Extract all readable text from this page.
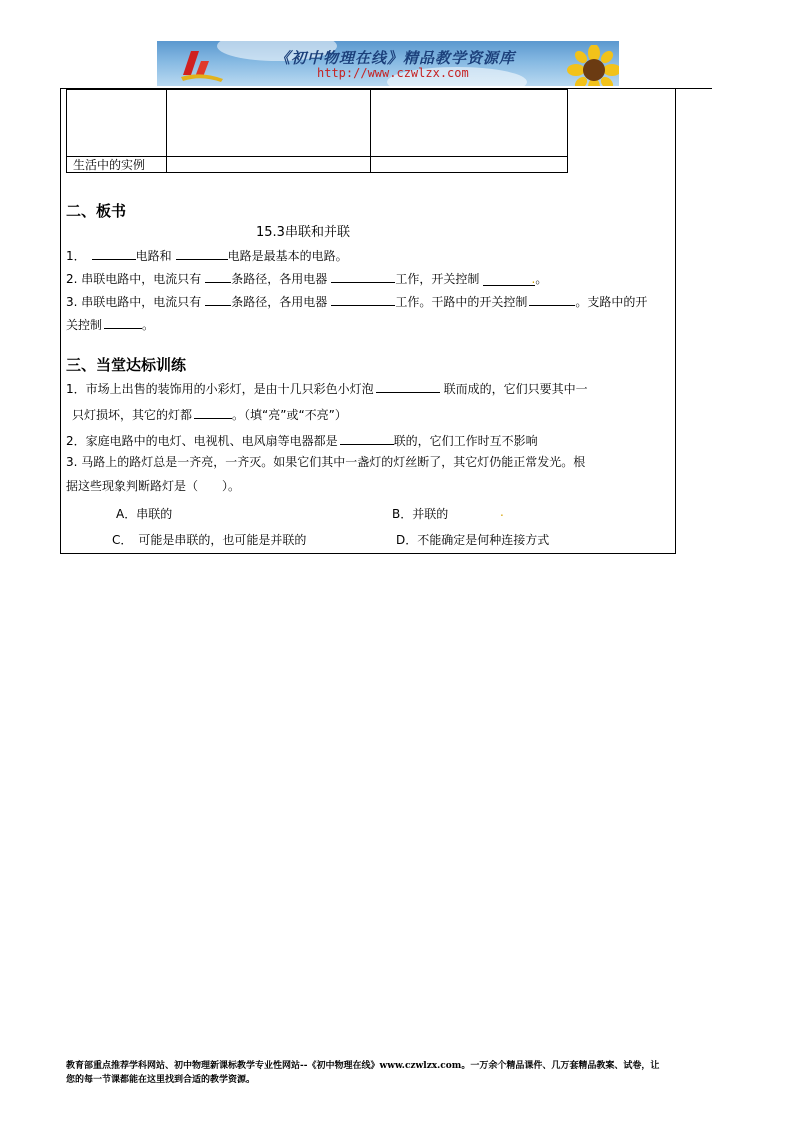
《初中物理在线》精品教学资源库
http://www.czwlzx.com
生活中的实例
二、板书
15.3串联和并联
1．	电路和	电路是最基本的电路。
2. 串联电路中，电流只有	条路径，各用电器	工作，开关控制	.。
3. 串联电路中，电流只有	条路径，各用电器	工作。干路中的开关控制	。支路中的开
关控制	。
三、当堂达标训练
1．市场上出售的装饰用的小彩灯，是由十几只彩色小灯泡	联而成的，它们只要其中一
只灯损坏，其它的灯都	。（填“亮”或“不亮”）
2．家庭电路中的电灯、电视机、电风扇等电器都是	联的，它们工作时互不影响
3. 马路上的路灯总是一齐亮，一齐灭。如果它们其中一盏灯的灯丝断了，其它灯仍能正常发光。根
据这些现象判断路灯是（　　）。
A．串联的	B．并联的	.
C．　可能是串联的，也可能是并联的	D．不能确定是何种连接方式
教育部重点推荐学科网站、初中物理新课标教学专业性网站--《初中物理在线》www.czwlzx.com。一万余个精品课件、几万套精品教案、试卷，让
您的每一节课都能在这里找到合适的教学资源。
